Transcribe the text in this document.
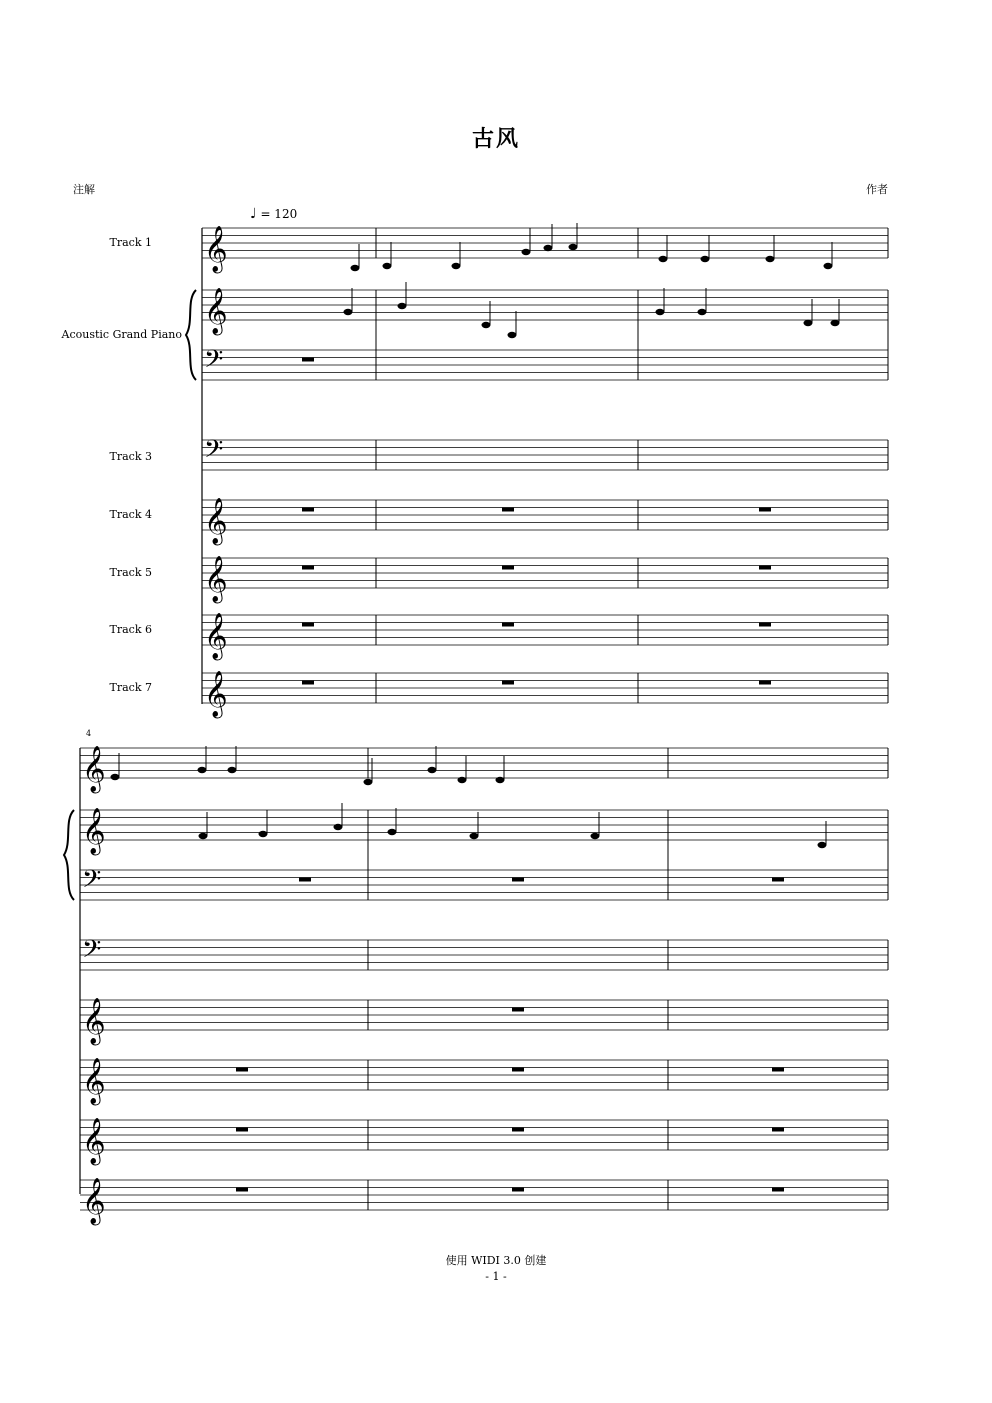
古风
注解	作者
♩ = 120
Track 1
Acoustic Grand Piano
Track 3
Track 4
Track 5
Track 6
Track 7
4
𝄞 4
4
𝄞 4
4
𝄢 4
4
𝄢 4
4
𝄞 4
4
𝄞 4
4
𝄞 4
4
𝄞 4
4
𝄞
𝄞
𝄢
𝄢
𝄞
𝄞
𝄞
𝄞
使用 WIDI 3.0 创建
- 1 -
